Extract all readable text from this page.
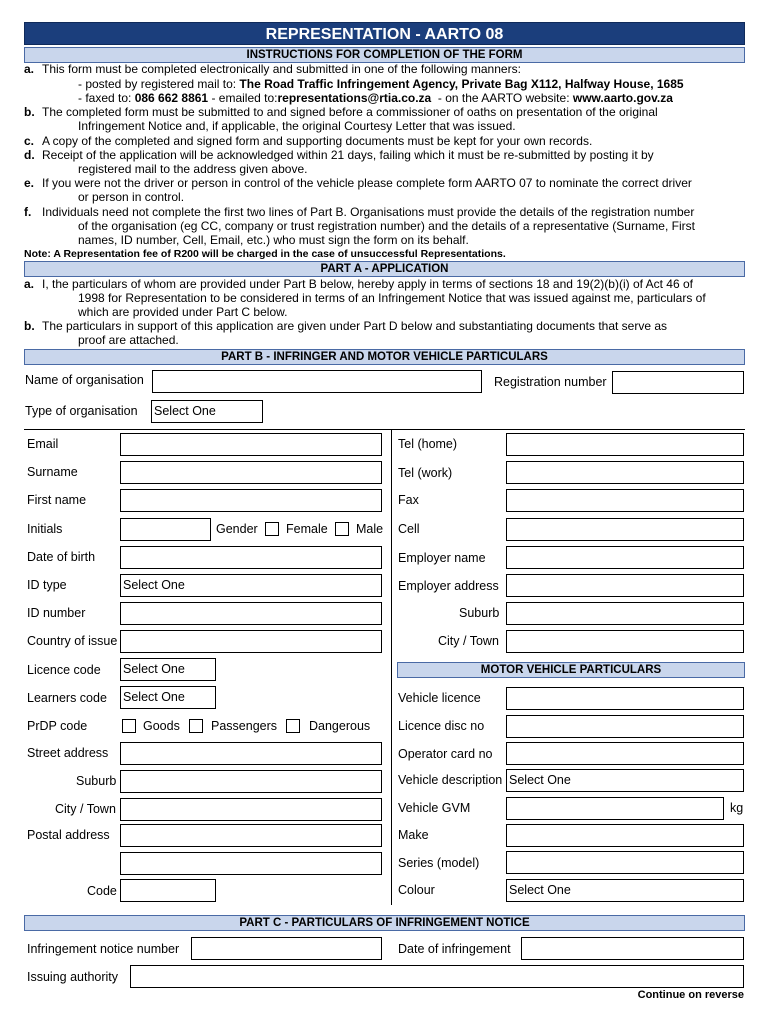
REPRESENTATION - AARTO 08
INSTRUCTIONS FOR COMPLETION OF THE FORM
a. This form must be completed electronically and submitted in one of the following manners:
- posted by registered mail to: The Road Traffic Infringement Agency, Private Bag X112, Halfway House, 1685
- faxed to: 086 662 8861 - emailed to:representations@rtia.co.za  - on the AARTO website: www.aarto.gov.za
b. The completed form must be submitted to and signed before a commissioner of oaths on presentation of the original
Infringement Notice and, if applicable, the original Courtesy Letter that was issued.
c. A copy of the completed and signed form and supporting documents must be kept for your own records.
d. Receipt of the application will be acknowledged within 21 days, failing which it must be re-submitted by posting it by
registered mail to the address given above.
e. If you were not the driver or person in control of the vehicle please complete form AARTO 07 to nominate the correct driver
or person in control.
f. Individuals need not complete the first two lines of Part B. Organisations must provide the details of the registration number
of the organisation (eg CC, company or trust registration number) and the details of a representative (Surname, First
names, ID number, Cell, Email, etc.) who must sign the form on its behalf.
Note: A Representation fee of R200 will be charged in the case of unsuccessful Representations.
PART A - APPLICATION
a. I, the particulars of whom are provided under Part B below, hereby apply in terms of sections 18 and 19(2)(b)(i) of Act 46 of
1998 for Representation to be considered in terms of an Infringement Notice that was issued against me, particulars of
which are provided under Part C below.
b. The particulars in support of this application are given under Part D below and substantiating documents that serve as
proof are attached.
PART B - INFRINGER AND MOTOR VEHICLE PARTICULARS
Name of organisation	Registration number
Type of organisation Select One
Email
Surname
First name
Initials	Gender Female Male
Date of birth
ID type	Select One
ID number
Country of issue
Licence code Select One
Learners code Select One
PrDP code	Goods Passengers	Dangerous
Street address
Suburb
City / Town
Postal address
Code
Tel (home)
Tel (work)
Fax
Cell
Employer name
Employer address
Suburb
City / Town
MOTOR VEHICLE PARTICULARS
Vehicle licence
Licence disc no
Operator card no
Vehicle description Select One
Vehicle GVM	kg
Make
Series (model)
Colour	Select One
PART C - PARTICULARS OF INFRINGEMENT NOTICE
Infringement notice number	Date of infringement
Issuing authority
Continue on reverse
